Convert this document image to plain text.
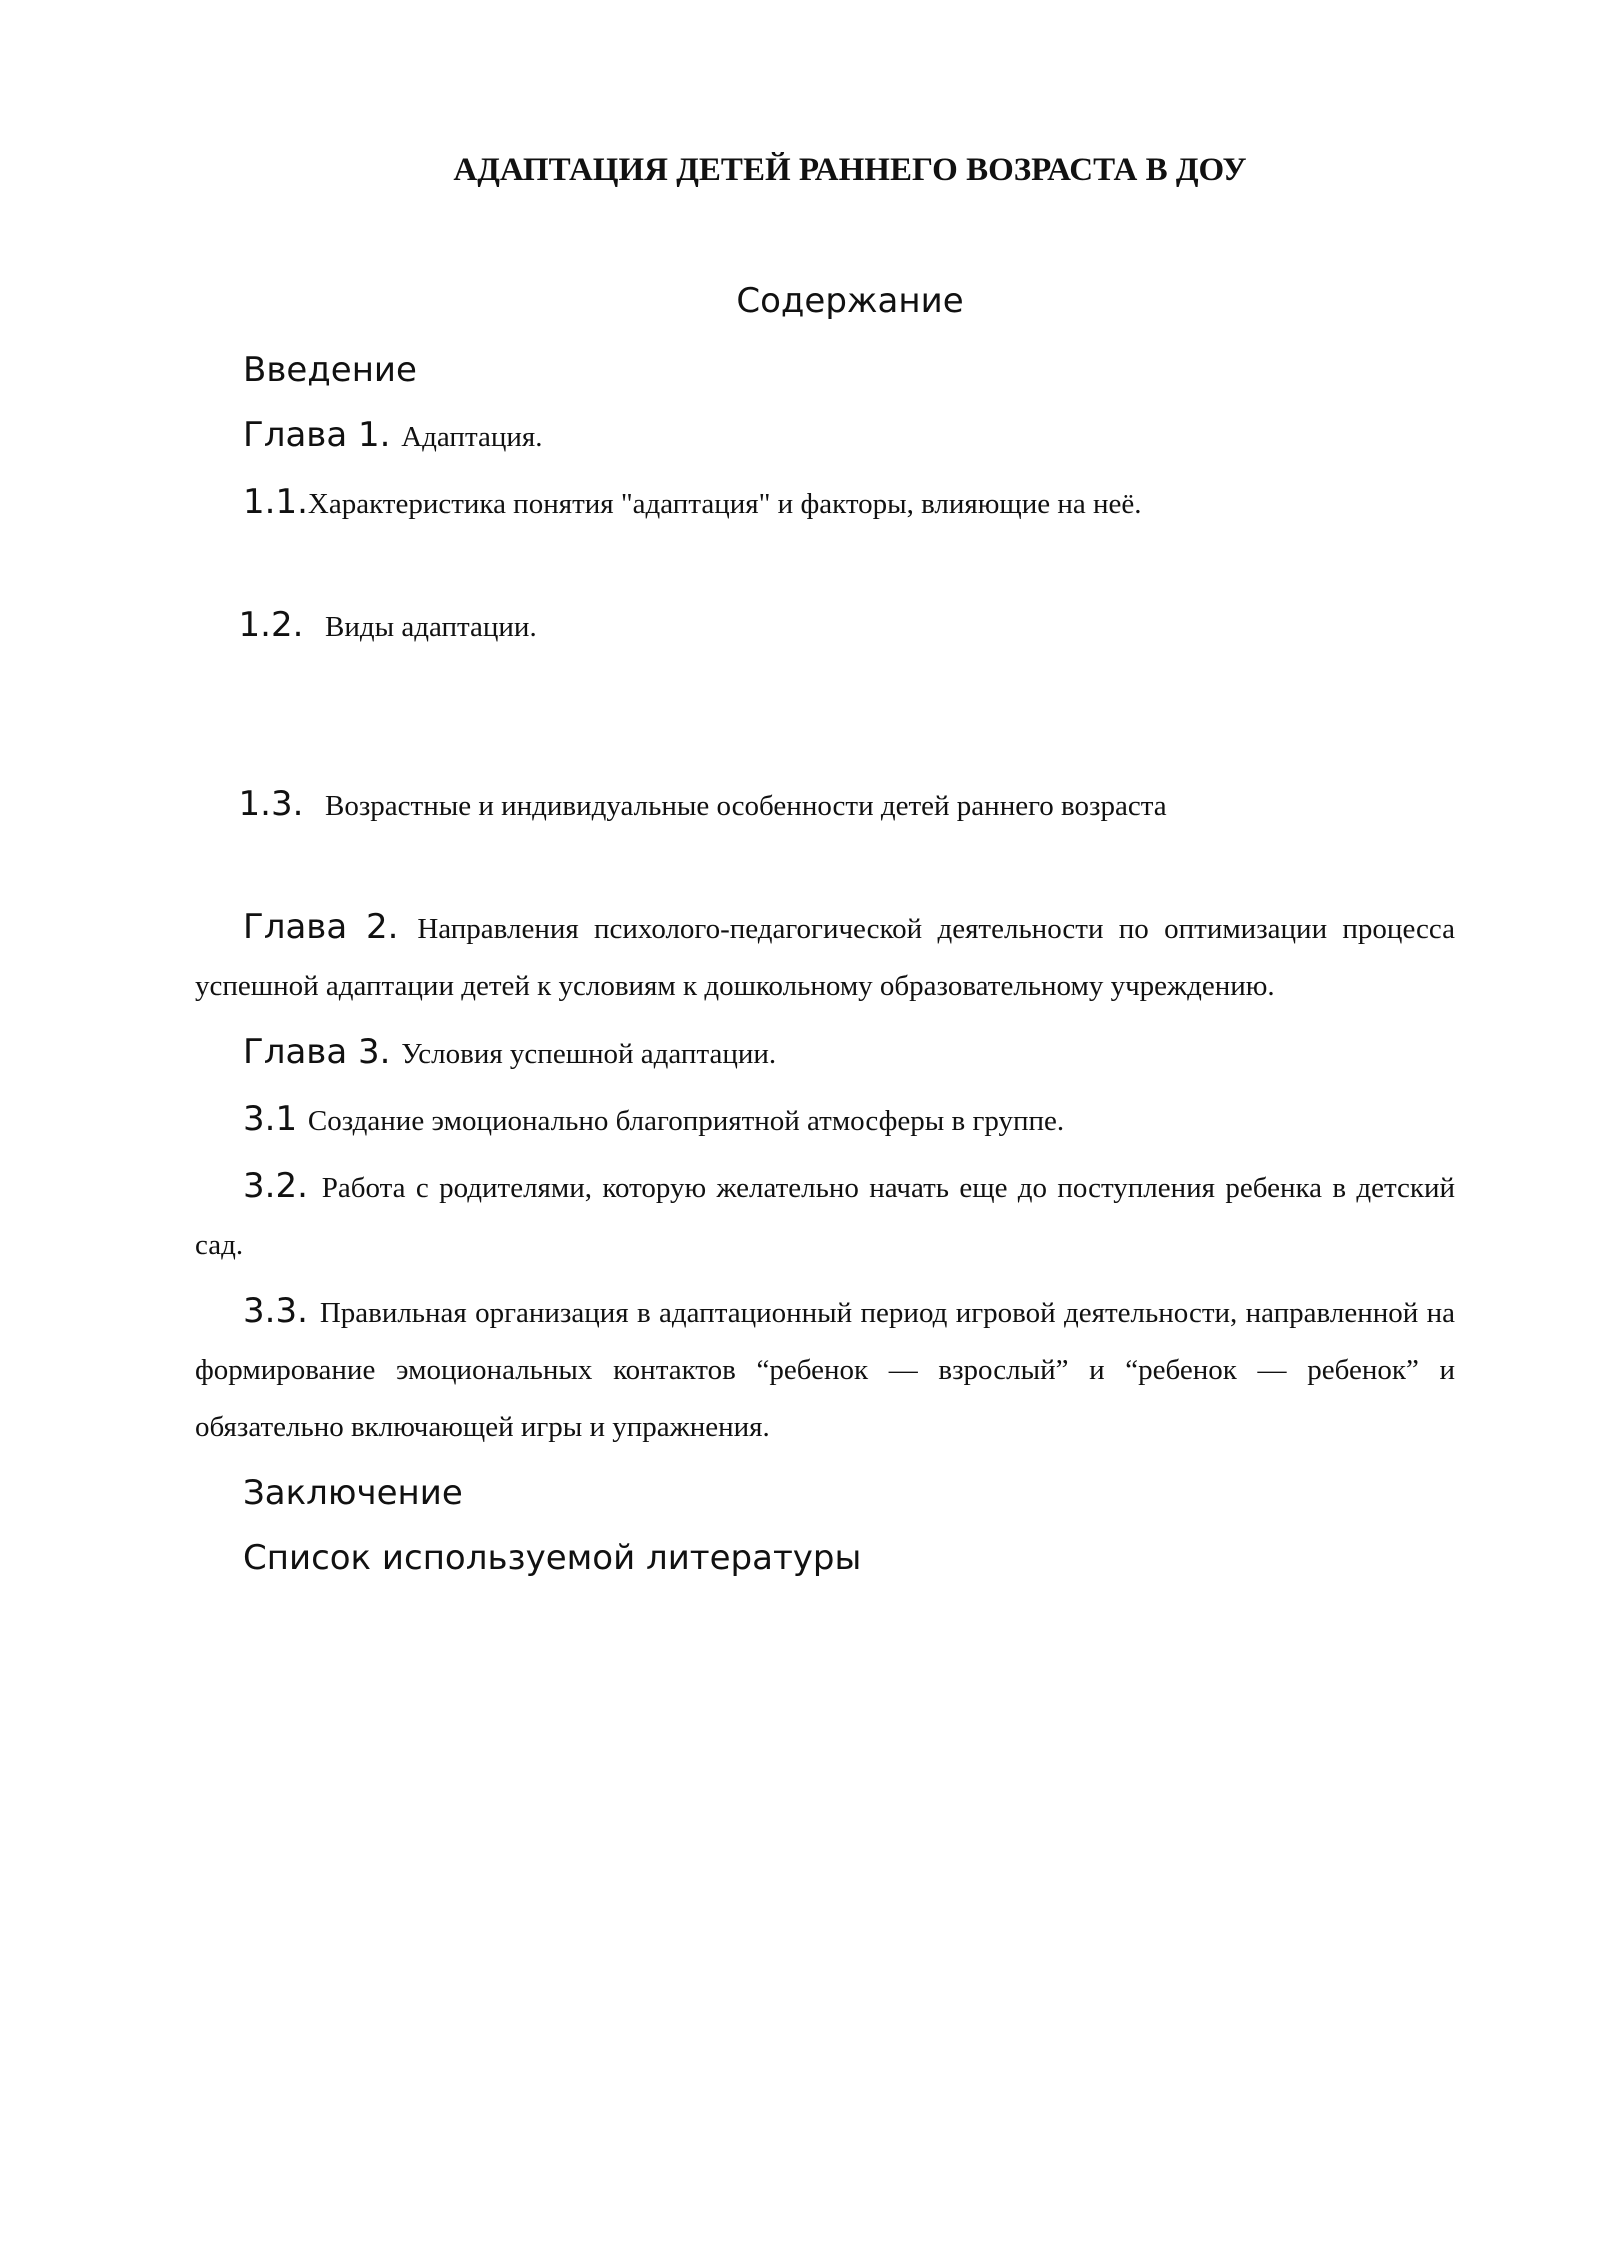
АДАПТАЦИЯ ДЕТЕЙ РАННЕГО ВОЗРАСТА В ДОУ
Содержание

Введение

Глава 1. Адаптация.

1.1.Характеристика понятия "адаптация" и факторы, влияющие на неё.

1.2.  Виды адаптации.

1.3.  Возрастные и индивидуальные особенности детей раннего возраста

Глава 2. Направления психолого-педагогической деятельности по оптимизации процесса успешной адаптации детей к условиям к дошкольному образовательному учреждению.

Глава 3. Условия успешной адаптации.

3.1 Создание эмоционально благоприятной атмосферы в группе.

3.2. Работа с родителями, которую желательно начать еще до поступления ребенка в детский сад.

3.3. Правильная организация в адаптационный период игровой деятельности, направленной на формирование эмоциональных контактов “ребенок — взрослый” и “ребенок — ребенок” и обязательно включающей игры и упражнения.

Заключение

Список используемой литературы
